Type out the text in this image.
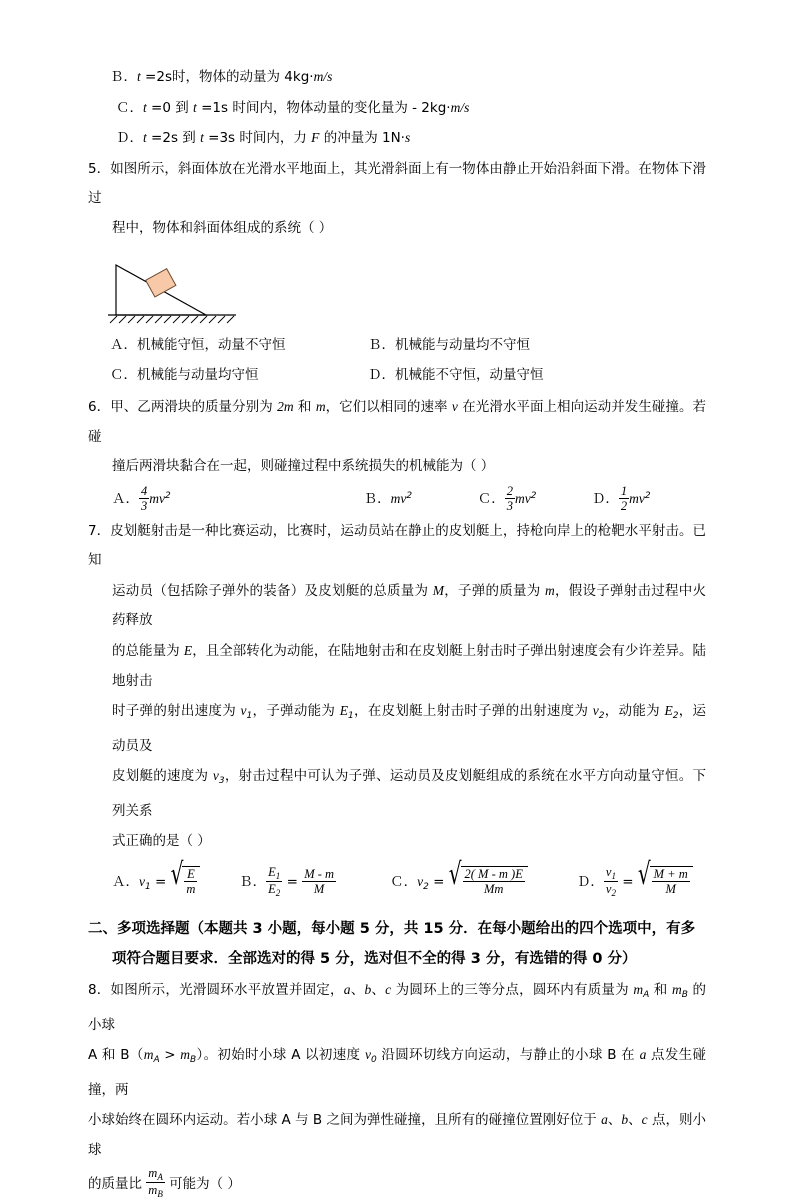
Ｂ．t =2s时，物体的动量为 4kg·m/s
Ｃ．t =0 到 t =1s 时间内，物体动量的变化量为 - 2kg·m/s
Ｄ．t =2s 到 t =3s 时间内，力 F 的冲量为 1N·s
5．如图所示，斜面体放在光滑水平地面上，其光滑斜面上有一物体由静止开始沿斜面下滑。在物体下滑过
程中，物体和斜面体组成的系统（ ）
Ａ．机械能守恒，动量不守恒	Ｂ．机械能与动量均不守恒
Ｃ．机械能与动量均守恒	Ｄ．机械能不守恒，动量守恒
6．甲、乙两滑块的质量分别为 2m 和 m，它们以相同的速率 v 在光滑水平面上相向运动并发生碰撞。若碰
撞后两滑块黏合在一起，则碰撞过程中系统损失的机械能为（ ）
Ａ． $\frac{4}{3} mv^2$	Ｂ．$mv^2$	Ｃ． $\frac{2}{3} mv^2$	Ｄ． $\frac{1}{2} mv^2$
7．皮划艇射击是一种比赛运动，比赛时，运动员站在静止的皮划艇上，持枪向岸上的枪靶水平射击。已知
运动员（包括除子弹外的装备）及皮划艇的总质量为 M，子弹的质量为 m，假设子弹射击过程中火药释放
的总能量为 E，且全部转化为动能，在陆地射击和在皮划艇上射击时子弹出射速度会有少许差异。陆地射击
时子弹的射出速度为 $v_1$，子弹动能为 $E_1$，在皮划艇上射击时子弹的出射速度为 $v_2$，动能为 $E_2$，运动员及
皮划艇的速度为 $v_3$，射击过程中可认为子弹、运动员及皮划艇组成的系统在水平方向动量守恒。下列关系
式正确的是（ ）
Ａ．$v_1$ = √ $\frac{E}{m}$	Ｂ． $\frac{E_1}{E_2} = \frac{M - m}{M}$	Ｃ．$v_2$ = √ $\frac{2( M - m )E}{Mm}$	Ｄ． $\frac{v_1}{v_2}$ = √ $\frac{M + m}{M}$
二、多项选择题（本题共 3 小题，每小题 5 分，共 15 分．在每小题给出的四个选项中，有多
项符合题目要求．全部选对的得 5 分，选对但不全的得 3 分，有选错的得 0 分）
8．如图所示，光滑圆环水平放置并固定，a、b、c 为圆环上的三等分点，圆环内有质量为 $m_A$ 和 $m_B$ 的小球
A 和 $B(m_A > m_B)$。初始时小球 A 以初速度 $v_0$ 沿圆环切线方向运动，与静止的小球 B 在 a 点发生碰撞，两
小球始终在圆环内运动。若小球 A 与 B 之间为弹性碰撞，且所有的碰撞位置刚好位于 a、b、c 点，则小球
的质量比 $\frac{m_A}{m_B}$ 可能为（ ）
